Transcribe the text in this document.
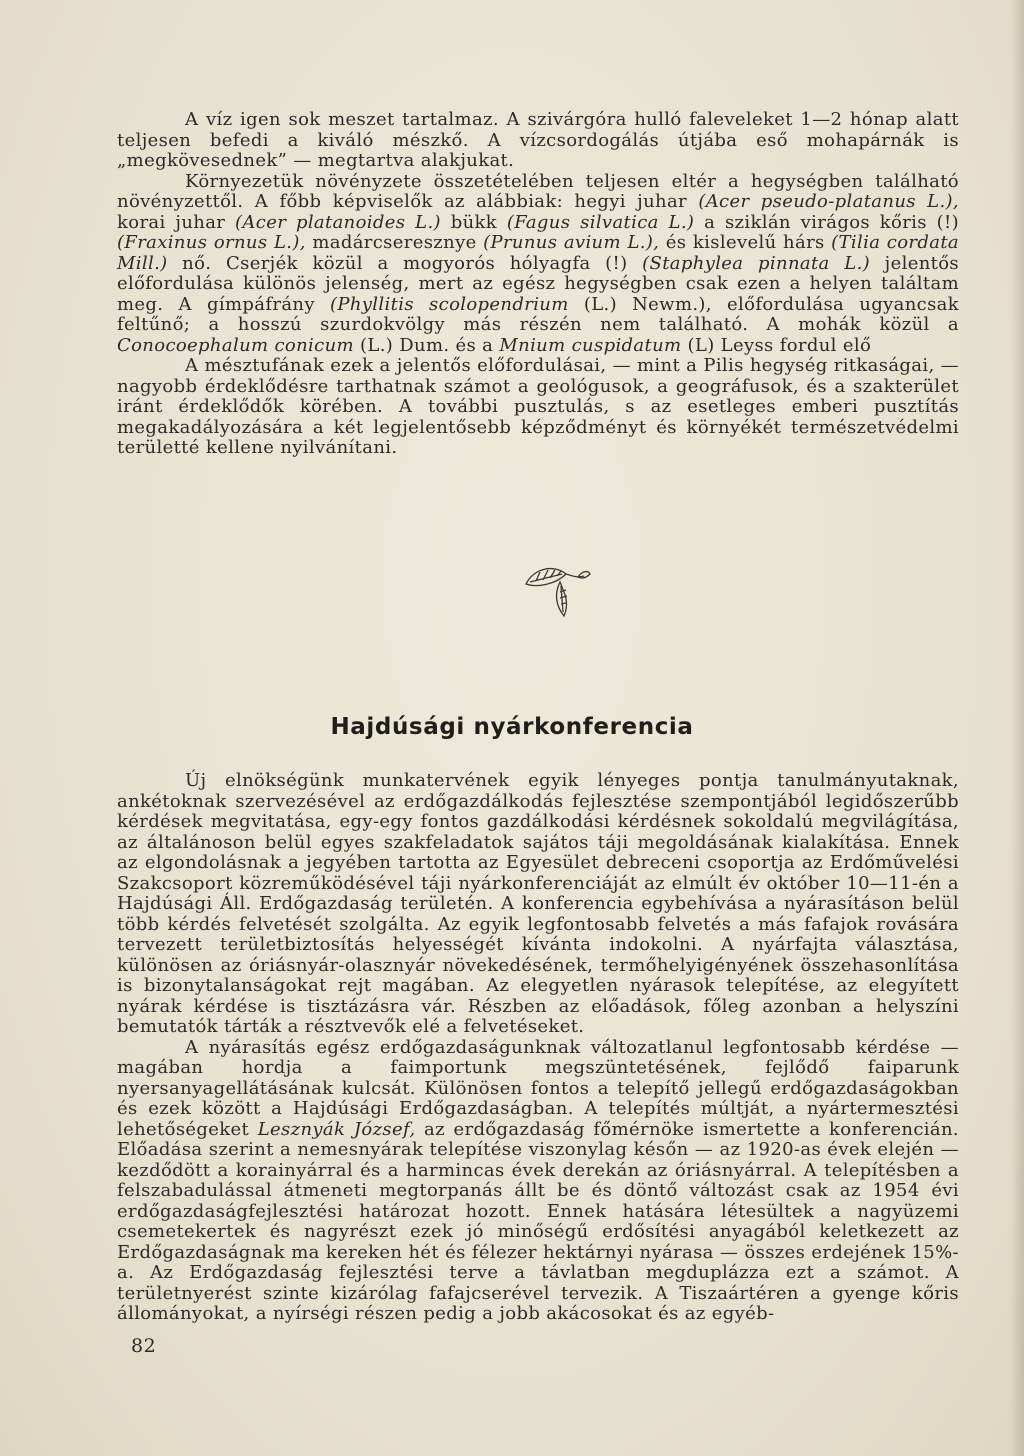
A víz igen sok meszet tartalmaz. A szivárgóra hulló faleveleket 1—2 hónap alatt teljesen befedi a kiváló mészkő. A vízcsordogálás útjába eső mohapárnák is „megkövesednek” — megtartva alakjukat.

Környezetük növényzete összetételében teljesen eltér a hegységben található növényzettől. A főbb képviselők az alábbiak: hegyi juhar (Acer pseudo-platanus L.), korai juhar (Acer platanoides L.) bükk (Fagus silvatica L.) a sziklán virágos kőris (!) (Fraxinus ornus L.), madárcseresznye (Prunus avium L.), és kislevelű hárs (Tilia cordata Mill.) nő. Cserjék közül a mogyorós hólyagfa (!) (Staphylea pinnata L.) jelentős előfordulása különös jelenség, mert az egész hegységben csak ezen a helyen találtam meg. A gímpáfrány (Phyllitis scolopendrium (L.) Newm.), előfordulása ugyancsak feltűnő; a hosszú szurdokvölgy más részén nem található. A mohák közül a Conocoephalum conicum (L.) Dum. és a Mnium cuspidatum (L) Leyss fordul elő

A mésztufának ezek a jelentős előfordulásai, — mint a Pilis hegység ritkaságai, — nagyobb érdeklődésre tarthatnak számot a geológusok, a geográfusok, és a szakterület iránt érdeklődők körében. A további pusztulás, s az esetleges emberi pusztítás megakadályozására a két legjelentősebb képződményt és környékét természetvédelmi területté kellene nyilvánítani.

Hajdúsági nyárkonferencia

Új elnökségünk munkatervének egyik lényeges pontja tanulmányutaknak, ankétoknak szervezésével az erdőgazdálkodás fejlesztése szempontjából legidőszerűbb kérdések megvitatása, egy-egy fontos gazdálkodási kérdésnek sokoldalú megvilágítása, az általánoson belül egyes szakfeladatok sajátos táji megoldásának kialakítása. Ennek az elgondolásnak a jegyében tartotta az Egyesület debreceni csoportja az Erdőművelési Szakcsoport közreműködésével táji nyárkonferenciáját az elmúlt év október 10—11-én a Hajdúsági Áll. Erdőgazdaság területén. A konferencia egybehívása a nyárasításon belül több kérdés felvetését szolgálta. Az egyik legfontosabb felvetés a más fafajok rovására tervezett területbiztosítás helyességét kívánta indokolni. A nyárfajta választása, különösen az óriásnyár-olasznyár növekedésének, termőhelyigényének összehasonlítása is bizonytalanságokat rejt magában. Az elegyetlen nyárasok telepítése, az elegyített nyárak kérdése is tisztázásra vár. Részben az előadások, főleg azonban a helyszíni bemutatók tárták a résztvevők elé a felvetéseket.

A nyárasítás egész erdőgazdaságunknak változatlanul legfontosabb kérdése — magában hordja a faimportunk megszüntetésének, fejlődő faiparunk nyersanyagellátásának kulcsát. Különösen fontos a telepítő jellegű erdőgazdaságokban és ezek között a Hajdúsági Erdőgazdaságban. A telepítés múltját, a nyártermesztési lehetőségeket Lesznyák József, az erdőgazdaság főmérnöke ismertette a konferencián. Előadása szerint a nemesnyárak telepítése viszonylag későn — az 1920-as évek elején — kezdődött a korainyárral és a harmincas évek derekán az óriásnyárral. A telepítésben a felszabadulással átmeneti megtorpanás állt be és döntő változást csak az 1954 évi erdőgazdaságfejlesztési határozat hozott. Ennek hatására létesültek a nagyüzemi csemetekertek és nagyrészt ezek jó minőségű erdősítési anyagából keletkezett az Erdőgazdaságnak ma kereken hét és félezer hektárnyi nyárasa — összes erdejének 15%-a. Az Erdőgazdaság fejlesztési terve a távlatban megduplázza ezt a számot. A területnyerést szinte kizárólag fafajcserével tervezik. A Tiszaártéren a gyenge kőris állományokat, a nyírségi részen pedig a jobb akácosokat és az egyéb-

82
